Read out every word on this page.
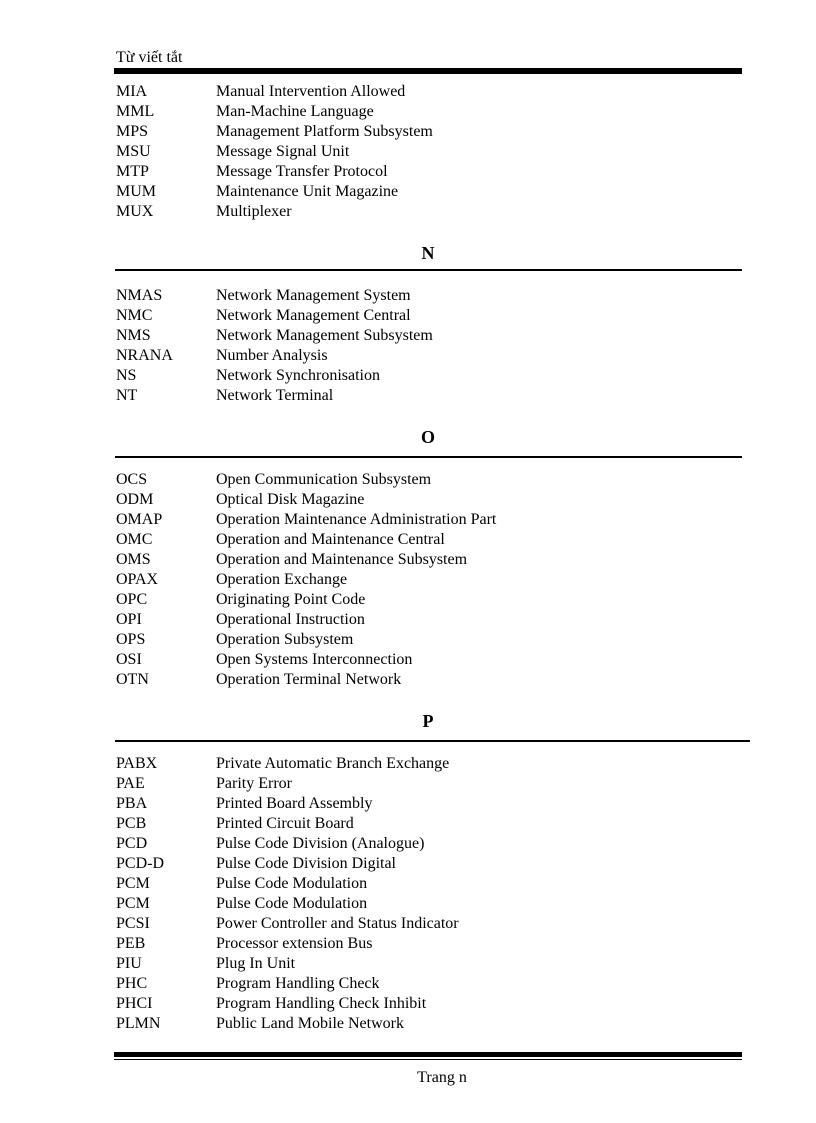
Từ viết tắt
MIA	Manual Intervention Allowed
MML	Man-Machine Language
MPS	Management Platform Subsystem
MSU	Message Signal Unit
MTP	Message Transfer Protocol
MUM	Maintenance Unit Magazine
MUX	Multiplexer
N
NMAS	Network Management System
NMC	Network Management Central
NMS	Network Management Subsystem
NRANA	Number Analysis
NS	Network Synchronisation
NT	Network Terminal
O
OCS	Open Communication Subsystem
ODM	Optical Disk Magazine
OMAP	Operation Maintenance Administration Part
OMC	Operation and Maintenance Central
OMS	Operation and Maintenance Subsystem
OPAX	Operation Exchange
OPC	Originating Point Code
OPI	Operational Instruction
OPS	Operation Subsystem
OSI	Open Systems Interconnection
OTN	Operation Terminal Network
P
PABX	Private Automatic Branch Exchange
PAE	Parity Error
PBA	Printed Board Assembly
PCB	Printed Circuit Board
PCD	Pulse Code Division (Analogue)
PCD-D	Pulse Code Division Digital
PCM	Pulse Code Modulation
PCM	Pulse Code Modulation
PCSI	Power Controller and Status Indicator
PEB	Processor extension Bus
PIU	Plug In Unit
PHC	Program Handling Check
PHCI	Program Handling Check Inhibit
PLMN	Public Land Mobile Network
Trang n
